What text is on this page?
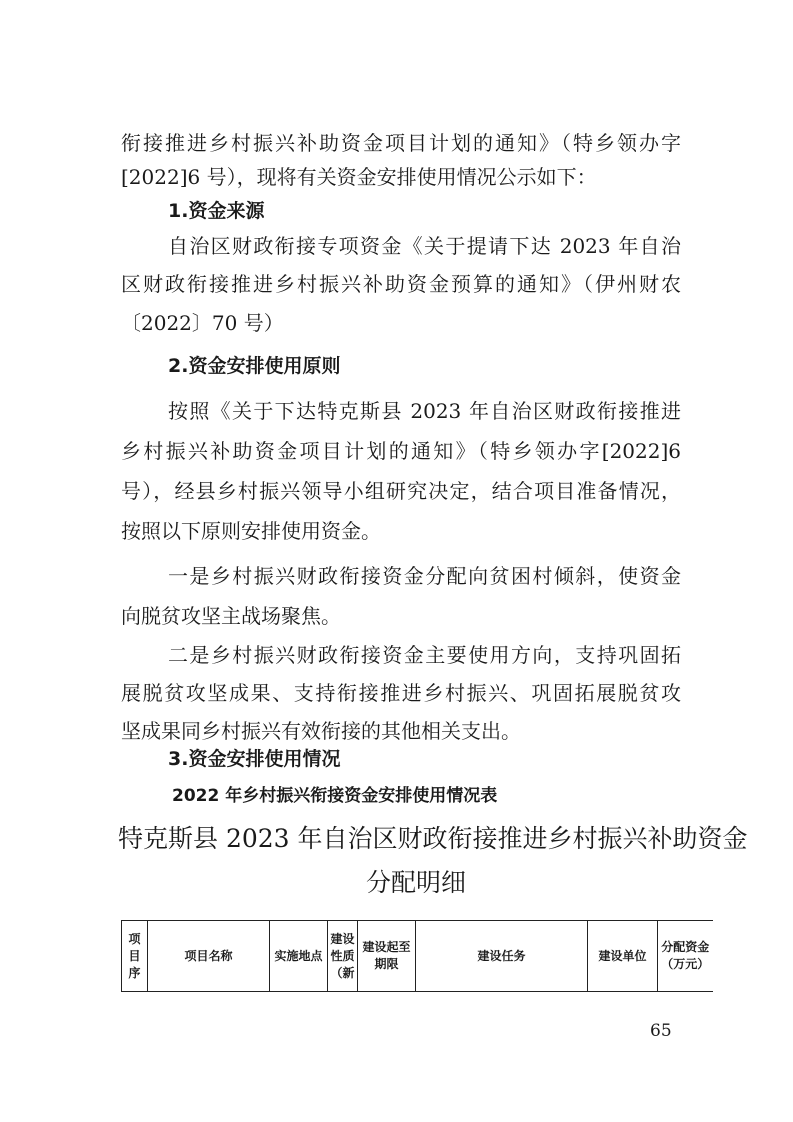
衔接推进乡村振兴补助资金项目计划的通知》（特乡领办字
[2022]6 号），现将有关资金安排使用情况公示如下：
1.资金来源
自治区财政衔接专项资金《关于提请下达 2023 年自治
区财政衔接推进乡村振兴补助资金预算的通知》（伊州财农
〔2022〕70 号）
2.资金安排使用原则
按照《关于下达特克斯县 2023 年自治区财政衔接推进
乡村振兴补助资金项目计划的通知》（特乡领办字[2022]6
号），经县乡村振兴领导小组研究决定，结合项目准备情况，
按照以下原则安排使用资金。
一是乡村振兴财政衔接资金分配向贫困村倾斜，使资金
向脱贫攻坚主战场聚焦。
二是乡村振兴财政衔接资金主要使用方向，支持巩固拓
展脱贫攻坚成果、支持衔接推进乡村振兴、巩固拓展脱贫攻
坚成果同乡村振兴有效衔接的其他相关支出。
3.资金安排使用情况
2022 年乡村振兴衔接资金安排使用情况表
特克斯县 2023 年自治区财政衔接推进乡村振兴补助资金
分配明细
项目序	项目名称	实施地点	建设性质（新	建设起至期限	建设任务	建设单位	分配资金（万元）
65
